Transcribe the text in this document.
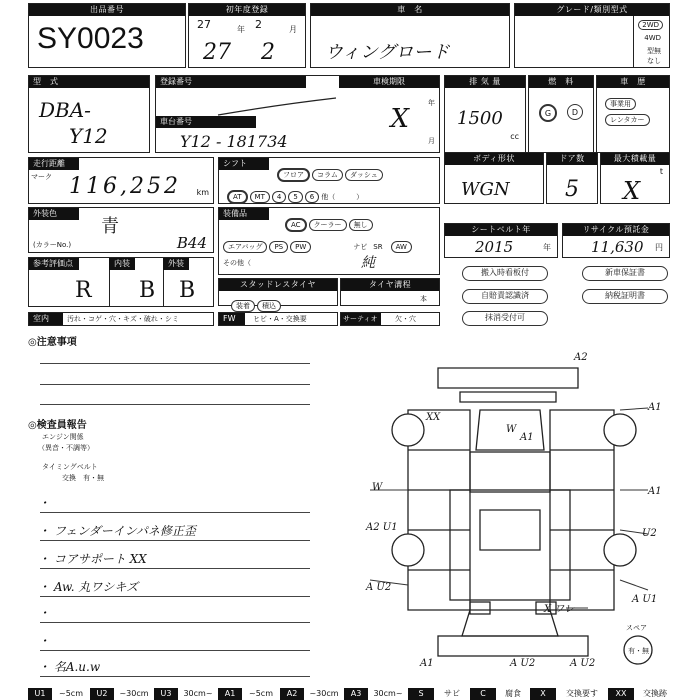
出品番号
SY0023
初年度登録
27	年 2	月
27 2
車　名
ウィングロード
グレード/類別型式
2WD
4WD
型無
なし
型　式
DBA-
Y12
登録番号	車検期限
年
月
X
車台番号
Y12 - 181734
排 気 量
1500
cc
燃　料
G	D
車　歴
事業用
レンタカー
走行距離
マーク 116,252 km
シフト
フロア コラム ダッシュ
AT MT 4 5 6 他（　　　）
ボディ形状
WGN
ドア数
5
最大積載量
t
X
外装色
青
(カラーNo.)	B44
装備品
AC クーラー 無し
エアバッグ PS PW	ナビ SR AW
その他（	純
シートベルト年
2015	年
リサイクル預託金
11,630 円
参考評価点	内装	外装
R B B	スタッドレスタイヤ
装着 積込
タイヤ溝程
本
搬入時看板付	新車保証書
自賠責認識済	納税証明書
抹消受付可
室内	汚れ・コゲ・穴・キズ・破れ・シミ	FW	ヒビ・A・交換要	サーティオ	欠・穴
◎注意事項
◎検査員報告
エンジン関係
（異音・不調等）
タイミングベルト
交換　有・無
・
・ フェンダーインパネ修正歪
・ コアサポート XX
・ Aw. 丸ワシキズ
・
・
・ 名A.u.w
A2
A1
XX
W
A1
W	A1
A2 U1
U2
A U2
A U1
X ワレ
A1	A U2	A U2
スペア
有・無
U1	~5cm	U2	~30cm	U3	30cm~	A1	~5cm	A2	~30cm	A3	30cm~	S	サビ	C	腐食	X	交換要す	XX	交換跡
